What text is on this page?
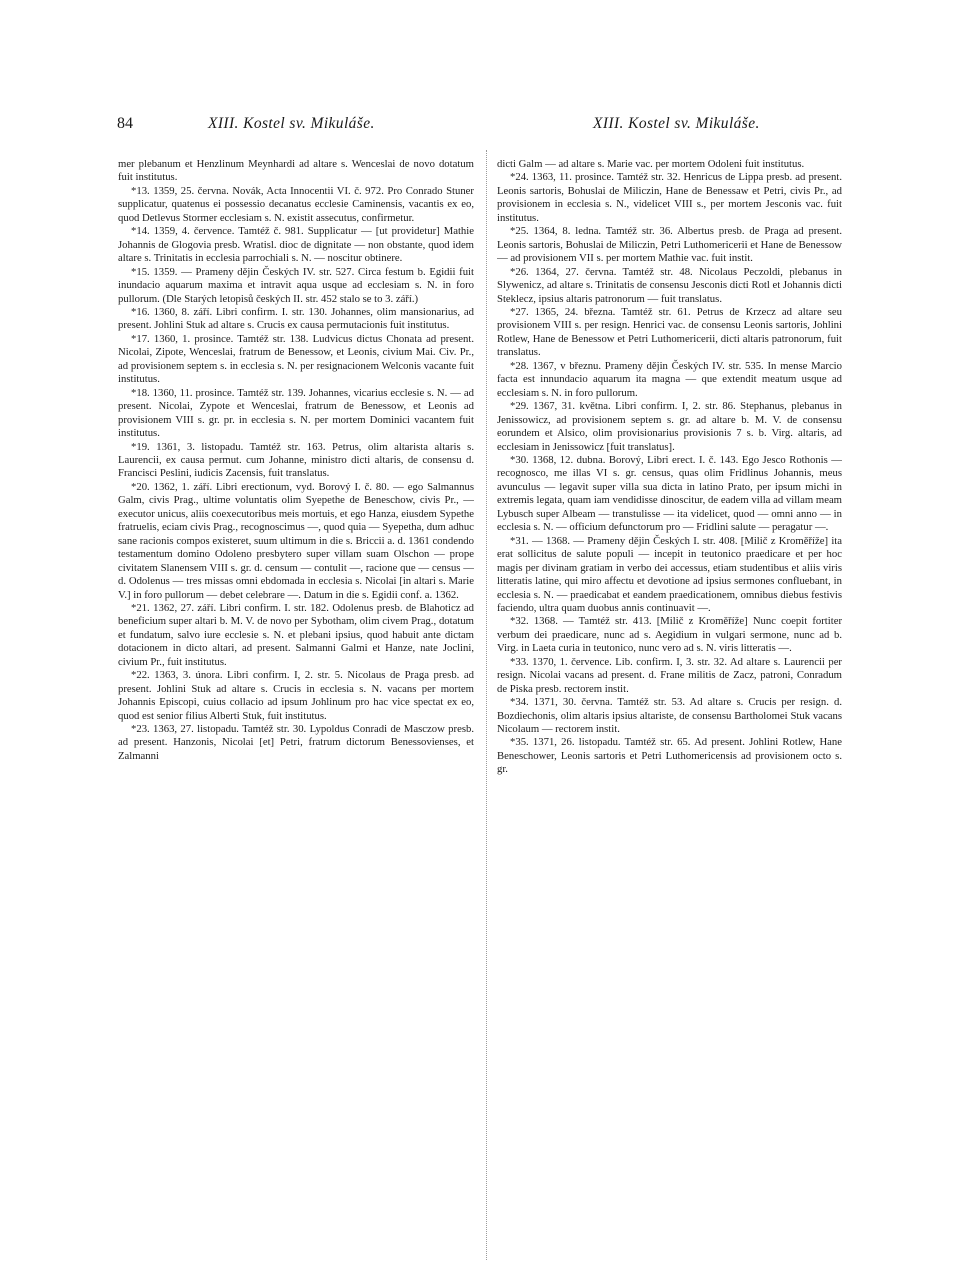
84	XIII. Kostel sv. Mikuláše.	XIII. Kostel sv. Mikuláše.

mer plebanum et Henzlinum Meynhardi ad altare s. Wenceslai de novo dotatum fuit institutus.

*13. 1359, 25. června. Novák, Acta Innocentii VI. č. 972. Pro Conrado Stuner supplicatur, quatenus ei possessio decanatus ecclesie Caminensis, vacantis ex eo, quod Detlevus Stormer ecclesiam s. N. existit assecutus, confirmetur.

*14. 1359, 4. července. Tamtéž č. 981. Supplicatur — [ut providetur] Mathie Johannis de Glogovia presb. Wratisl. dioc de dignitate — non obstante, quod idem altare s. Trinitatis in ecclesia parrochiali s. N. — noscitur obtinere.

*15. 1359. — Prameny dějin Českých IV. str. 527. Circa festum b. Egidii fuit inundacio aquarum maxima et intravit aqua usque ad ecclesiam s. N. in foro pullorum. (Dle Starých letopisů českých II. str. 452 stalo se to 3. září.)

*16. 1360, 8. září. Libri confirm. I. str. 130. Johannes, olim mansionarius, ad present. Johlini Stuk ad altare s. Crucis ex causa permutacionis fuit institutus.

*17. 1360, 1. prosince. Tamtéž str. 138. Ludvicus dictus Chonata ad present. Nicolai, Zipote, Wenceslai, fratrum de Benessow, et Leonis, civium Mai. Civ. Pr., ad provisionem septem s. in ecclesia s. N. per resignacionem Welconis vacante fuit institutus.

*18. 1360, 11. prosince. Tamtéž str. 139. Johannes, vicarius ecclesie s. N. — ad present. Nicolai, Zypote et Wenceslai, fratrum de Benessow, et Leonis ad provisionem VIII s. gr. pr. in ecclesia s. N. per mortem Dominici vacantem fuit institutus.

*19. 1361, 3. listopadu. Tamtéž str. 163. Petrus, olim altarista altaris s. Laurencii, ex causa permut. cum Johanne, ministro dicti altaris, de consensu d. Francisci Peslini, iudicis Zacensis, fuit translatus.

*20. 1362, 1. září. Libri erectionum, vyd. Borový I. č. 80. — ego Salmannus Galm, civis Prag., ultime voluntatis olim Syepethe de Beneschow, civis Pr., — executor unicus, aliis coexecutoribus meis mortuis, et ego Hanza, eiusdem Sypethe fratruelis, eciam civis Prag., recognoscimus —, quod quia — Syepetha, dum adhuc sane racionis compos existeret, suum ultimum in die s. Briccii a. d. 1361 condendo testamentum domino Odoleno presbytero super villam suam Olschon — prope civitatem Slanensem VIII s. gr. d. censum — contulit —, racione que — census — d. Odolenus — tres missas omni ebdomada in ecclesia s. Nicolai [in altari s. Marie V.] in foro pullorum — debet celebrare —. Datum in die s. Egidii conf. a. 1362.

*21. 1362, 27. září. Libri confirm. I. str. 182. Odolenus presb. de Blahoticz ad beneficium super altari b. M. V. de novo per Sybotham, olim civem Prag., dotatum et fundatum, salvo iure ecclesie s. N. et plebani ipsius, quod habuit ante dictam dotacionem in dicto altari, ad present. Salmanni Galmi et Hanze, nate Joclini, civium Pr., fuit institutus.

*22. 1363, 3. února. Libri confirm. I, 2. str. 5. Nicolaus de Praga presb. ad present. Johlini Stuk ad altare s. Crucis in ecclesia s. N. vacans per mortem Johannis Episcopi, cuius collacio ad ipsum Johlinum pro hac vice spectat ex eo, quod est senior filius Alberti Stuk, fuit institutus.

*23. 1363, 27. listopadu. Tamtéž str. 30. Lypoldus Conradi de Masczow presb. ad present. Hanzonis, Nicolai [et] Petri, fratrum dictorum Benessovienses, et Zalmanni

dicti Galm — ad altare s. Marie vac. per mortem Odoleni fuit institutus.

*24. 1363, 11. prosince. Tamtéž str. 32. Henricus de Lippa presb. ad present. Leonis sartoris, Bohuslai de Miliczin, Hane de Benessaw et Petri, civis Pr., ad provisionem in ecclesia s. N., videlicet VIII s., per mortem Jesconis vac. fuit institutus.

*25. 1364, 8. ledna. Tamtéž str. 36. Albertus presb. de Praga ad present. Leonis sartoris, Bohuslai de Miliczin, Petri Luthomericerii et Hane de Benessow — ad provisionem VII s. per mortem Mathie vac. fuit instit.

*26. 1364, 27. června. Tamtéž str. 48. Nicolaus Peczoldi, plebanus in Slywenicz, ad altare s. Trinitatis de consensu Jesconis dicti Rotl et Johannis dicti Steklecz, ipsius altaris patronorum — fuit translatus.

*27. 1365, 24. března. Tamtéž str. 61. Petrus de Krzecz ad altare seu provisionem VIII s. per resign. Henrici vac. de consensu Leonis sartoris, Johlini Rotlew, Hane de Benessow et Petri Luthomericerii, dicti altaris patronorum, fuit translatus.

*28. 1367, v březnu. Prameny dějin Českých IV. str. 535. In mense Marcio facta est innundacio aquarum ita magna — que extendit meatum usque ad ecclesiam s. N. in foro pullorum.

*29. 1367, 31. května. Libri confirm. I, 2. str. 86. Stephanus, plebanus in Jenissowicz, ad provisionem septem s. gr. ad altare b. M. V. de consensu eorundem et Alsico, olim provisionarius provisionis 7 s. b. Virg. altaris, ad ecclesiam in Jenissowicz [fuit translatus].

*30. 1368, 12. dubna. Borový, Libri erect. I. č. 143. Ego Jesco Rothonis — recognosco, me illas VI s. gr. census, quas olim Fridlinus Johannis, meus avunculus — legavit super villa sua dicta in latino Prato, per ipsum michi in extremis legata, quam iam vendidisse dinoscitur, de eadem villa ad villam meam Lybusch super Albeam — transtulisse — ita videlicet, quod — omni anno — in ecclesia s. N. — officium defunctorum pro — Fridlini salute — peragatur —.

*31. — 1368. — Prameny dějin Českých I. str. 408. [Milič z Kroměříže] ita erat sollicitus de salute populi — incepit in teutonico praedicare et per hoc magis per divinam gratiam in verbo dei accessus, etiam studentibus et aliis viris litteratis latine, qui miro affectu et devotione ad ipsius sermones confluebant, in ecclesia s. N. — praedicabat et eandem praedicationem, omnibus diebus festivis faciendo, ultra quam duobus annis continuavit —.

*32. 1368. — Tamtéž str. 413. [Milič z Kroměříže] Nunc coepit fortiter verbum dei praedicare, nunc ad s. Aegidium in vulgari sermone, nunc ad b. Virg. in Laeta curia in teutonico, nunc vero ad s. N. viris litteratis —.

*33. 1370, 1. července. Lib. confirm. I, 3. str. 32. Ad altare s. Laurencii per resign. Nicolai vacans ad present. d. Frane militis de Zacz, patroni, Conradum de Piska presb. rectorem instit.

*34. 1371, 30. června. Tamtéž str. 53. Ad altare s. Crucis per resign. d. Bozdiechonis, olim altaris ipsius altariste, de consensu Bartholomei Stuk vacans Nicolaum — rectorem instit.

*35. 1371, 26. listopadu. Tamtéž str. 65. Ad present. Johlini Rotlew, Hane Beneschower, Leonis sartoris et Petri Luthomericensis ad provisionem octo s. gr.
